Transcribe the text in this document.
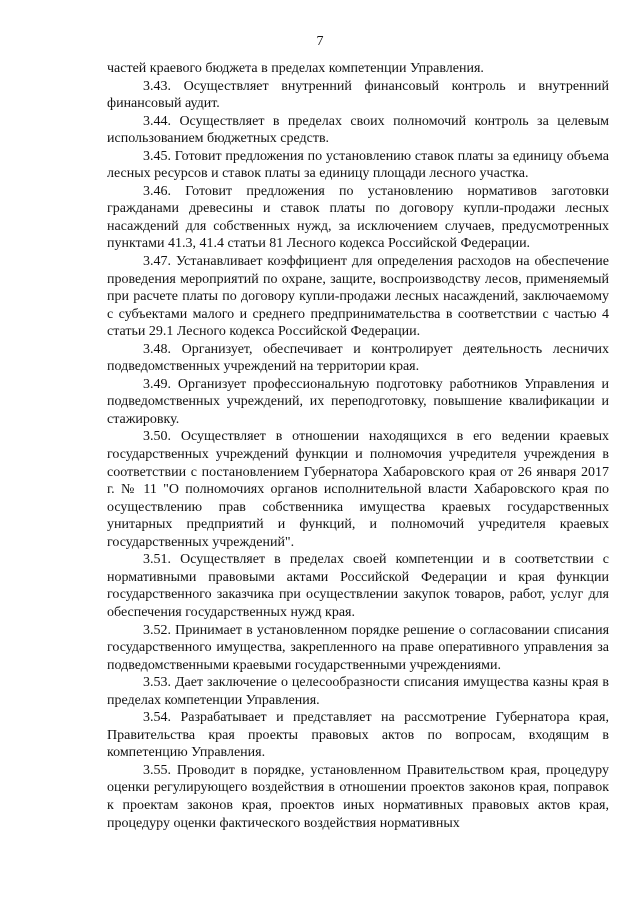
7

частей краевого бюджета в пределах компетенции Управления.

3.43. Осуществляет внутренний финансовый контроль и внутренний финансовый аудит.

3.44. Осуществляет в пределах своих полномочий контроль за целевым использованием бюджетных средств.

3.45. Готовит предложения по установлению ставок платы за единицу объема лесных ресурсов и ставок платы за единицу площади лесного участка.

3.46. Готовит предложения по установлению нормативов заготовки гражданами древесины и ставок платы по договору купли-продажи лесных насаждений для собственных нужд, за исключением случаев, предусмотренных пунктами 41.3, 41.4 статьи 81 Лесного кодекса Российской Федерации.

3.47. Устанавливает коэффициент для определения расходов на обеспечение проведения мероприятий по охране, защите, воспроизводству лесов, применяемый при расчете платы по договору купли-продажи лесных насаждений, заключаемому с субъектами малого и среднего предпринимательства в соответствии с частью 4 статьи 29.1 Лесного кодекса Российской Федерации.

3.48. Организует, обеспечивает и контролирует деятельность лесничих подведомственных учреждений на территории края.

3.49. Организует профессиональную подготовку работников Управления и подведомственных учреждений, их переподготовку, повышение квалификации и стажировку.

3.50. Осуществляет в отношении находящихся в его ведении краевых государственных учреждений функции и полномочия учредителя учреждения в соответствии с постановлением Губернатора Хабаровского края от 26 января 2017 г. № 11 "О полномочиях органов исполнительной власти Хабаровского края по осуществлению прав собственника имущества краевых государственных унитарных предприятий и функций, и полномочий учредителя краевых государственных учреждений".

3.51. Осуществляет в пределах своей компетенции и в соответствии с нормативными правовыми актами Российской Федерации и края функции государственного заказчика при осуществлении закупок товаров, работ, услуг для обеспечения государственных нужд края.

3.52. Принимает в установленном порядке решение о согласовании списания государственного имущества, закрепленного на праве оперативного управления за подведомственными краевыми государственными учреждениями.

3.53. Дает заключение о целесообразности списания имущества казны края в пределах компетенции Управления.

3.54. Разрабатывает и представляет на рассмотрение Губернатора края, Правительства края проекты правовых актов по вопросам, входящим в компетенцию Управления.

3.55. Проводит в порядке, установленном Правительством края, процедуру оценки регулирующего воздействия в отношении проектов законов края, поправок к проектам законов края, проектов иных нормативных правовых актов края, процедуру оценки фактического воздействия нормативных
